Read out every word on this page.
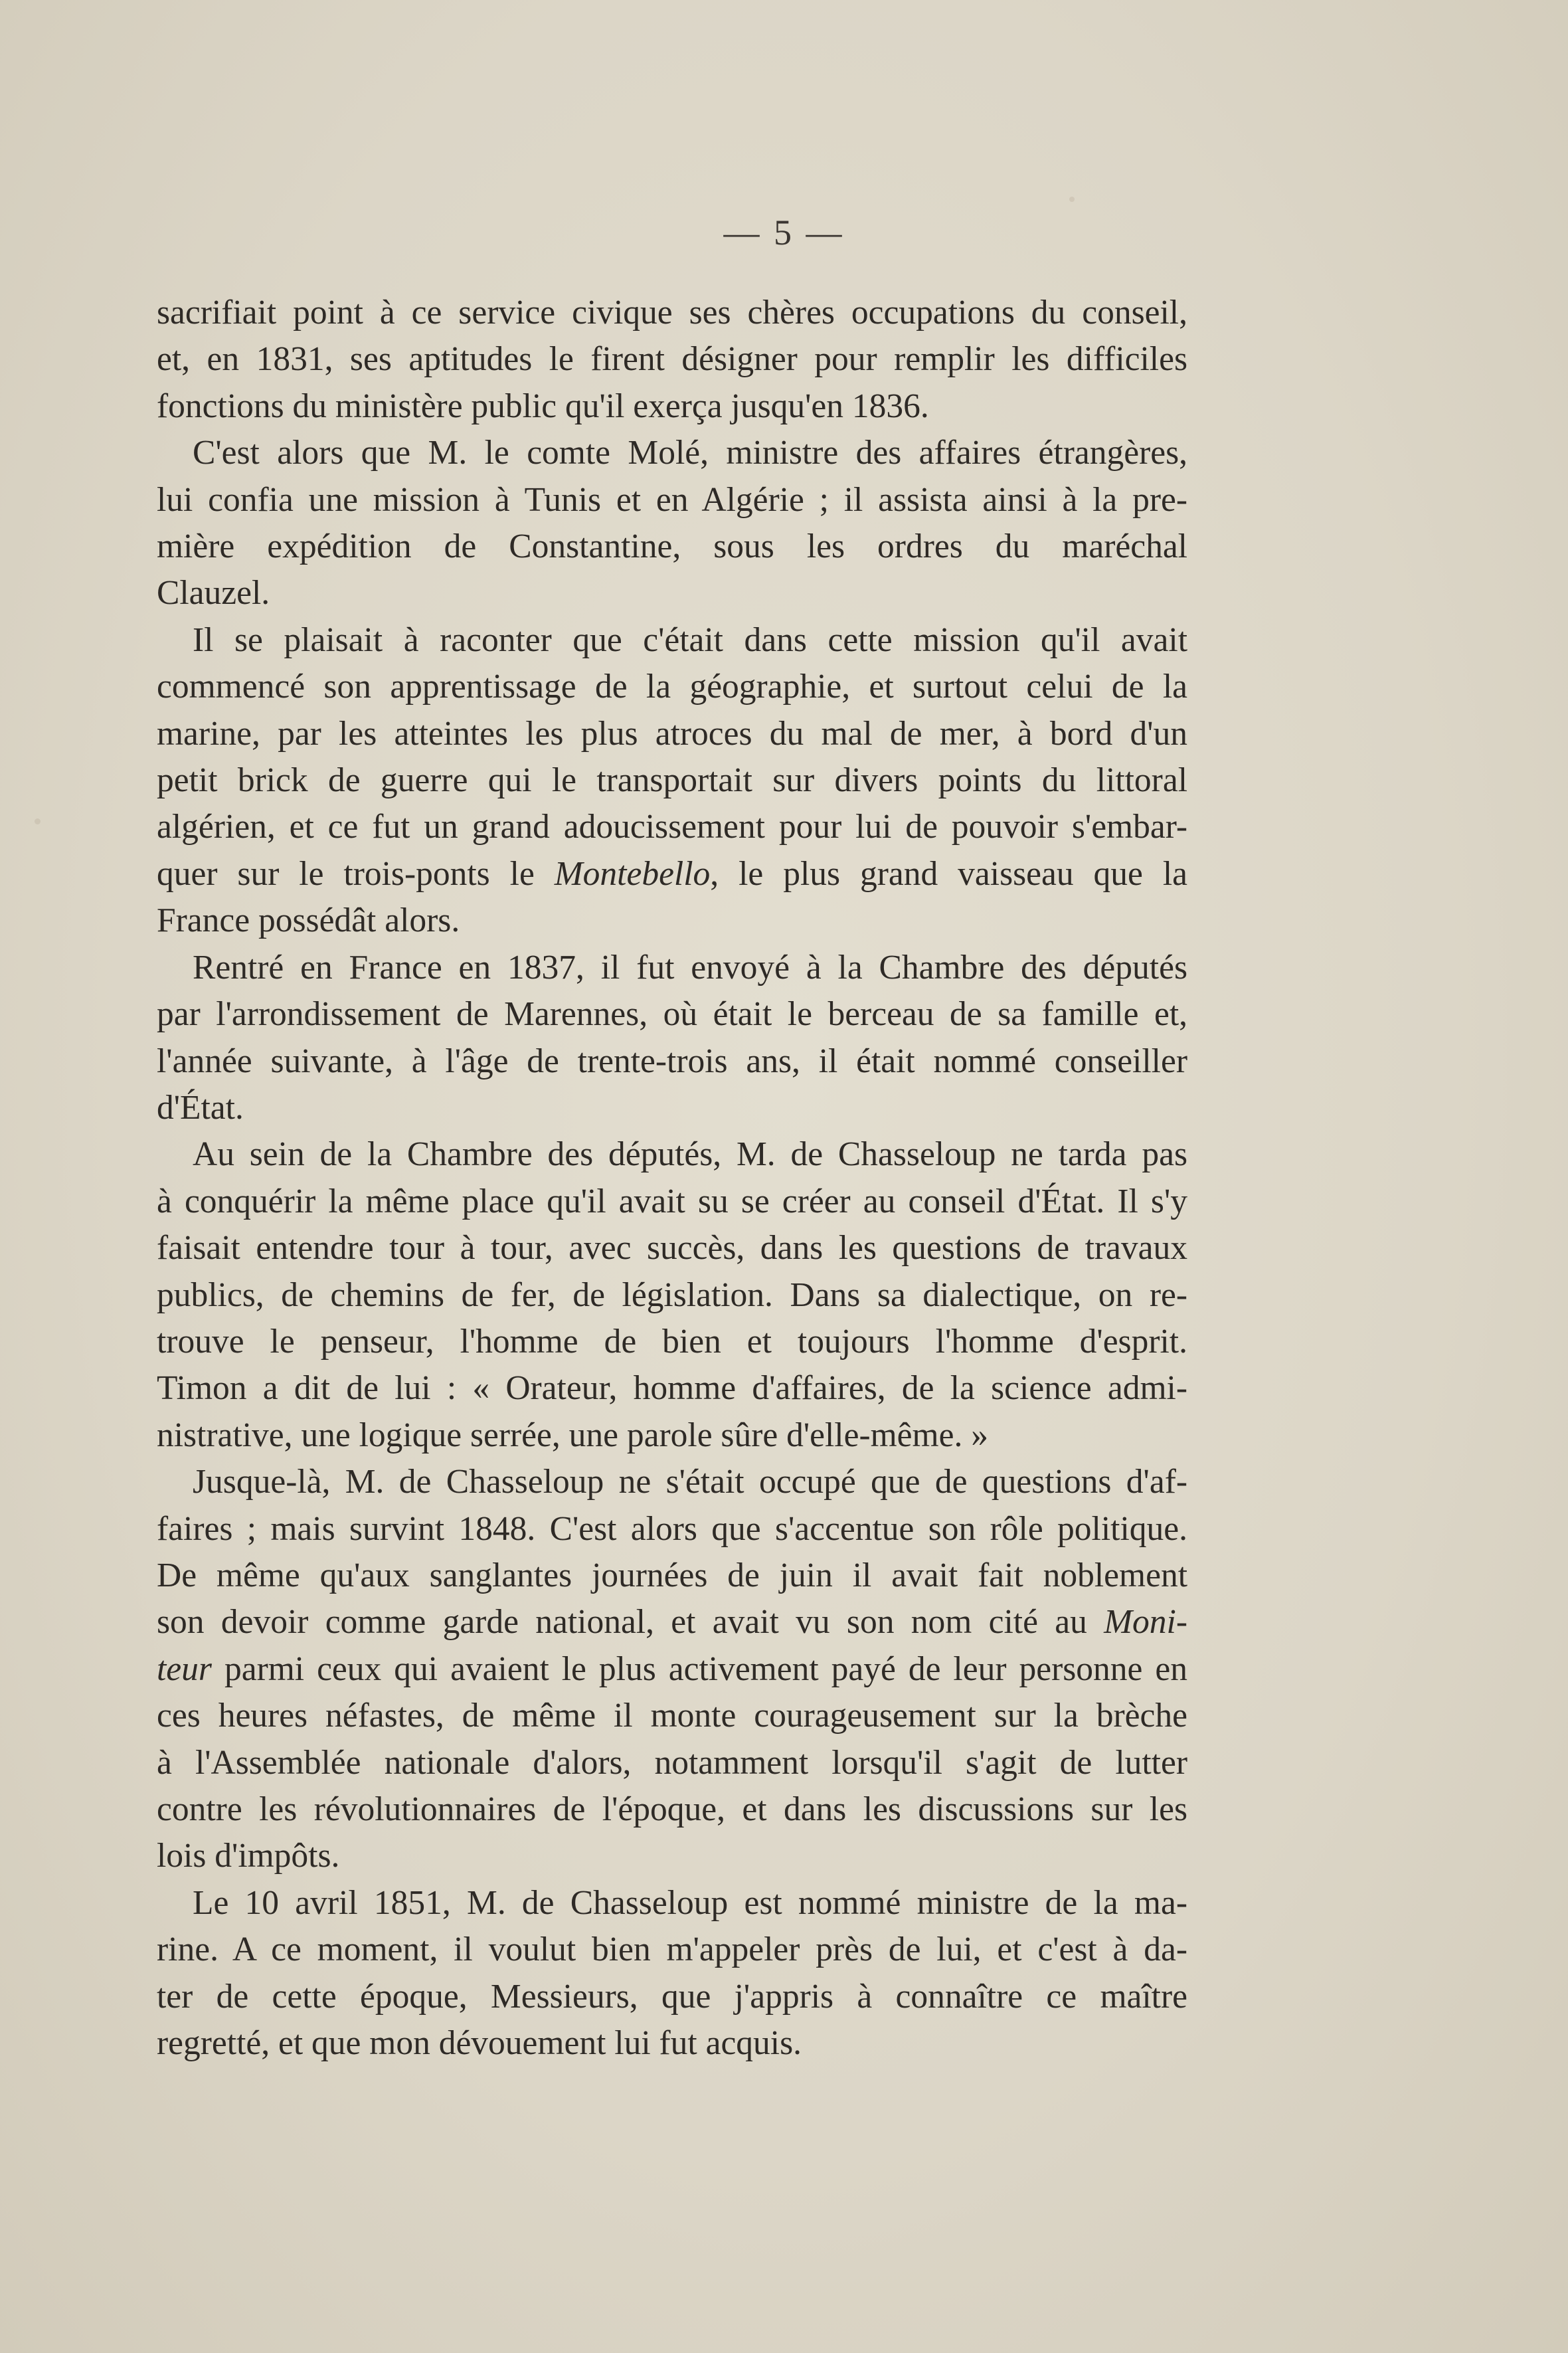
— 5 —

sacrifiait point à ce service civique ses chères occupations du conseil,
et, en 1831, ses aptitudes le firent désigner pour remplir les difficiles
fonctions du ministère public qu'il exerça jusqu'en 1836.

C'est alors que M. le comte Molé, ministre des affaires étrangères,
lui confia une mission à Tunis et en Algérie ; il assista ainsi à la pre-
mière expédition de Constantine, sous les ordres du maréchal
Clauzel.

Il se plaisait à raconter que c'était dans cette mission qu'il avait
commencé son apprentissage de la géographie, et surtout celui de la
marine, par les atteintes les plus atroces du mal de mer, à bord d'un
petit brick de guerre qui le transportait sur divers points du littoral
algérien, et ce fut un grand adoucissement pour lui de pouvoir s'embar-
quer sur le trois-ponts le Montebello, le plus grand vaisseau que la
France possédât alors.

Rentré en France en 1837, il fut envoyé à la Chambre des députés
par l'arrondissement de Marennes, où était le berceau de sa famille et,
l'année suivante, à l'âge de trente-trois ans, il était nommé conseiller
d'État.

Au sein de la Chambre des députés, M. de Chasseloup ne tarda pas
à conquérir la même place qu'il avait su se créer au conseil d'État. Il s'y
faisait entendre tour à tour, avec succès, dans les questions de travaux
publics, de chemins de fer, de législation. Dans sa dialectique, on re-
trouve le penseur, l'homme de bien et toujours l'homme d'esprit.
Timon a dit de lui : « Orateur, homme d'affaires, de la science admi-
nistrative, une logique serrée, une parole sûre d'elle-même. »

Jusque-là, M. de Chasseloup ne s'était occupé que de questions d'af-
faires ; mais survint 1848. C'est alors que s'accentue son rôle politique.
De même qu'aux sanglantes journées de juin il avait fait noblement
son devoir comme garde national, et avait vu son nom cité au Moni-
teur parmi ceux qui avaient le plus activement payé de leur personne en
ces heures néfastes, de même il monte courageusement sur la brèche
à l'Assemblée nationale d'alors, notamment lorsqu'il s'agit de lutter
contre les révolutionnaires de l'époque, et dans les discussions sur les
lois d'impôts.

Le 10 avril 1851, M. de Chasseloup est nommé ministre de la ma-
rine. A ce moment, il voulut bien m'appeler près de lui, et c'est à da-
ter de cette époque, Messieurs, que j'appris à connaître ce maître
regretté, et que mon dévouement lui fut acquis.
